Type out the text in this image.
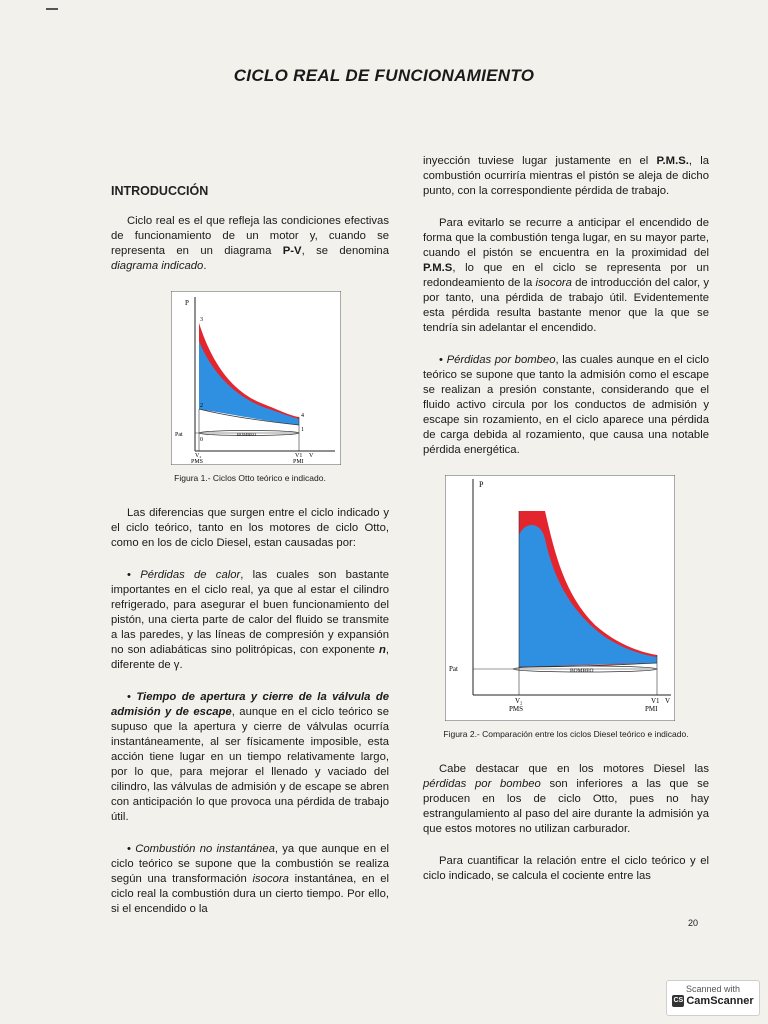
CICLO REAL DE FUNCIONAMIENTO
INTRODUCCIÓN

Ciclo real es el que refleja las condiciones efectivas de funcionamiento de un motor y, cuando se representa en un diagrama P-V, se denomina diagrama indicado.

P
3
2
4
1
0
Pat	BOMBEO
V₂
PMS
V1 V
PMI
Figura 1.- Ciclos Otto teórico e indicado.

Las diferencias que surgen entre el ciclo indicado y el ciclo teórico, tanto en los motores de ciclo Otto, como en los de ciclo Diesel, estan causadas por:

• Pérdidas de calor, las cuales son bastante importantes en el ciclo real, ya que al estar el cilindro refrigerado, para asegurar el buen funcionamiento del pistón, una cierta parte de calor del fluido se transmite a las paredes, y las líneas de compresión y expansión no son adiabáticas sino politrópicas, con exponente n, diferente de γ.

• Tiempo de apertura y cierre de la válvula de admisión y de escape, aunque en el ciclo teórico se supuso que la apertura y cierre de válvulas ocurría instantáneamente, al ser físicamente imposible, esta acción tiene lugar en un tiempo relativamente largo, por lo que, para mejorar el llenado y vaciado del cilindro, las válvulas de admisión y de escape se abren con anticipación lo que provoca una pérdida de trabajo útil.

• Combustión no instantánea, ya que aunque en el ciclo teórico se supone que la combustión se realiza según una transformación isocora instantánea, en el ciclo real la combustión dura un cierto tiempo. Por ello, si el encendido o la

inyección tuviese lugar justamente en el P.M.S., la combustión ocurriría mientras el pistón se aleja de dicho punto, con la correspondiente pérdida de trabajo.

Para evitarlo se recurre a anticipar el encendido de forma que la combustión tenga lugar, en su mayor parte, cuando el pistón se encuentra en la proximidad del P.M.S, lo que en el ciclo se representa por un redondeamiento de la isocora de introducción del calor, y por tanto, una pérdida de trabajo útil. Evidentemente esta pérdida resulta bastante menor que la que se tendría sin adelantar el encendido.

• Pérdidas por bombeo, las cuales aunque en el ciclo teórico se supone que tanto la admisión como el escape se realizan a presión constante, considerando que el fluido activo circula por los conductos de admisión y escape sin rozamiento, en el ciclo aparece una pérdida de carga debida al rozamiento, que causa una notable pérdida energética.

P
Pat	BOMBEO
V₂
PMS
V1 V
PMI
Figura 2.- Comparación entre los ciclos Diesel teórico e indicado.

Cabe destacar que en los motores Diesel las pérdidas por bombeo son inferiores a las que se producen en los de ciclo Otto, pues no hay estrangulamiento al paso del aire durante la admisión ya que estos motores no utilizan carburador.

Para cuantificar la relación entre el ciclo teórico y el ciclo indicado, se calcula el cociente entre las

20
Scanned with
CS CamScanner
